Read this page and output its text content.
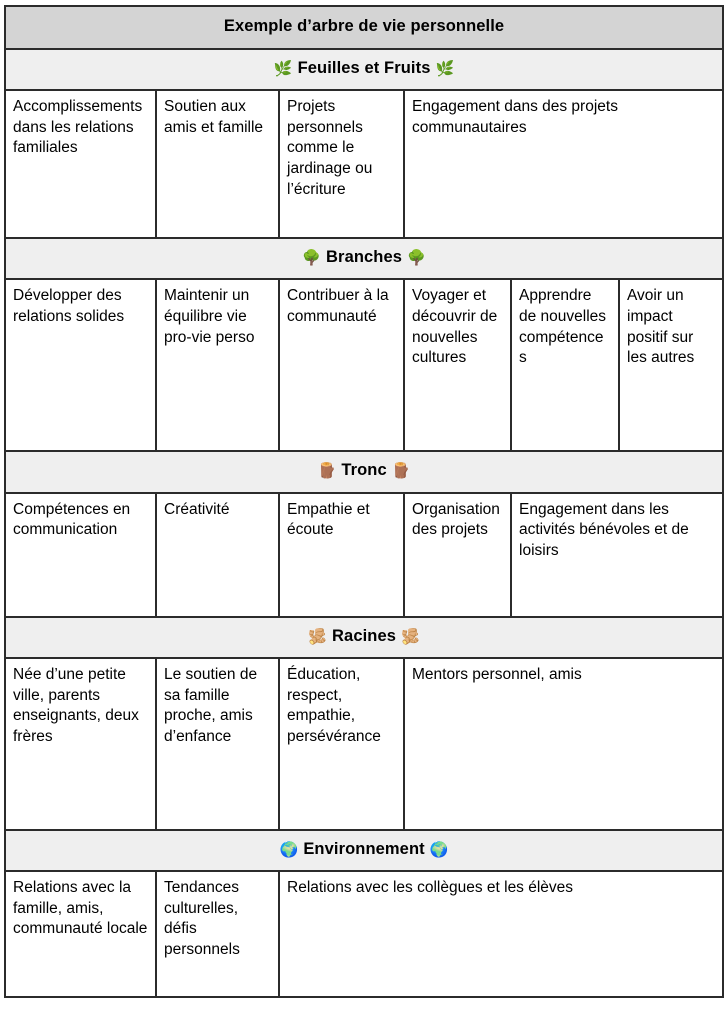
Exemple d’arbre de vie personnelle					
🌿 Feuilles et Fruits 🌿					

Accomplissements dans les relations familiales	Soutien aux amis et famille	Projets personnels comme le jardinage ou l’écriture	Engagement dans des projets communautaires		

🌳 Branches 🌳					

Développer des relations solides	Maintenir un équilibre vie pro-vie perso	Contribuer à la communauté	Voyager et découvrir de nouvelles cultures	Apprendre de nouvelles compétences	Avoir un impact positif sur les autres

🪵 Tronc 🪵					

Compétences en communication	Créativité	Empathie et écoute	Organisation des projets	Engagement dans les activités bénévoles et de loisirs	

🫚 Racines 🫚					

Née d’une petite ville, parents enseignants, deux frères	Le soutien de sa famille proche, amis d’enfance	Éducation, respect, empathie, persévérance	Mentors personnel, amis		

🌍 Environnement 🌍					

Relations avec la famille, amis, communauté locale	Tendances culturelles, défis personnels	Relations avec les collègues et les élèves			
